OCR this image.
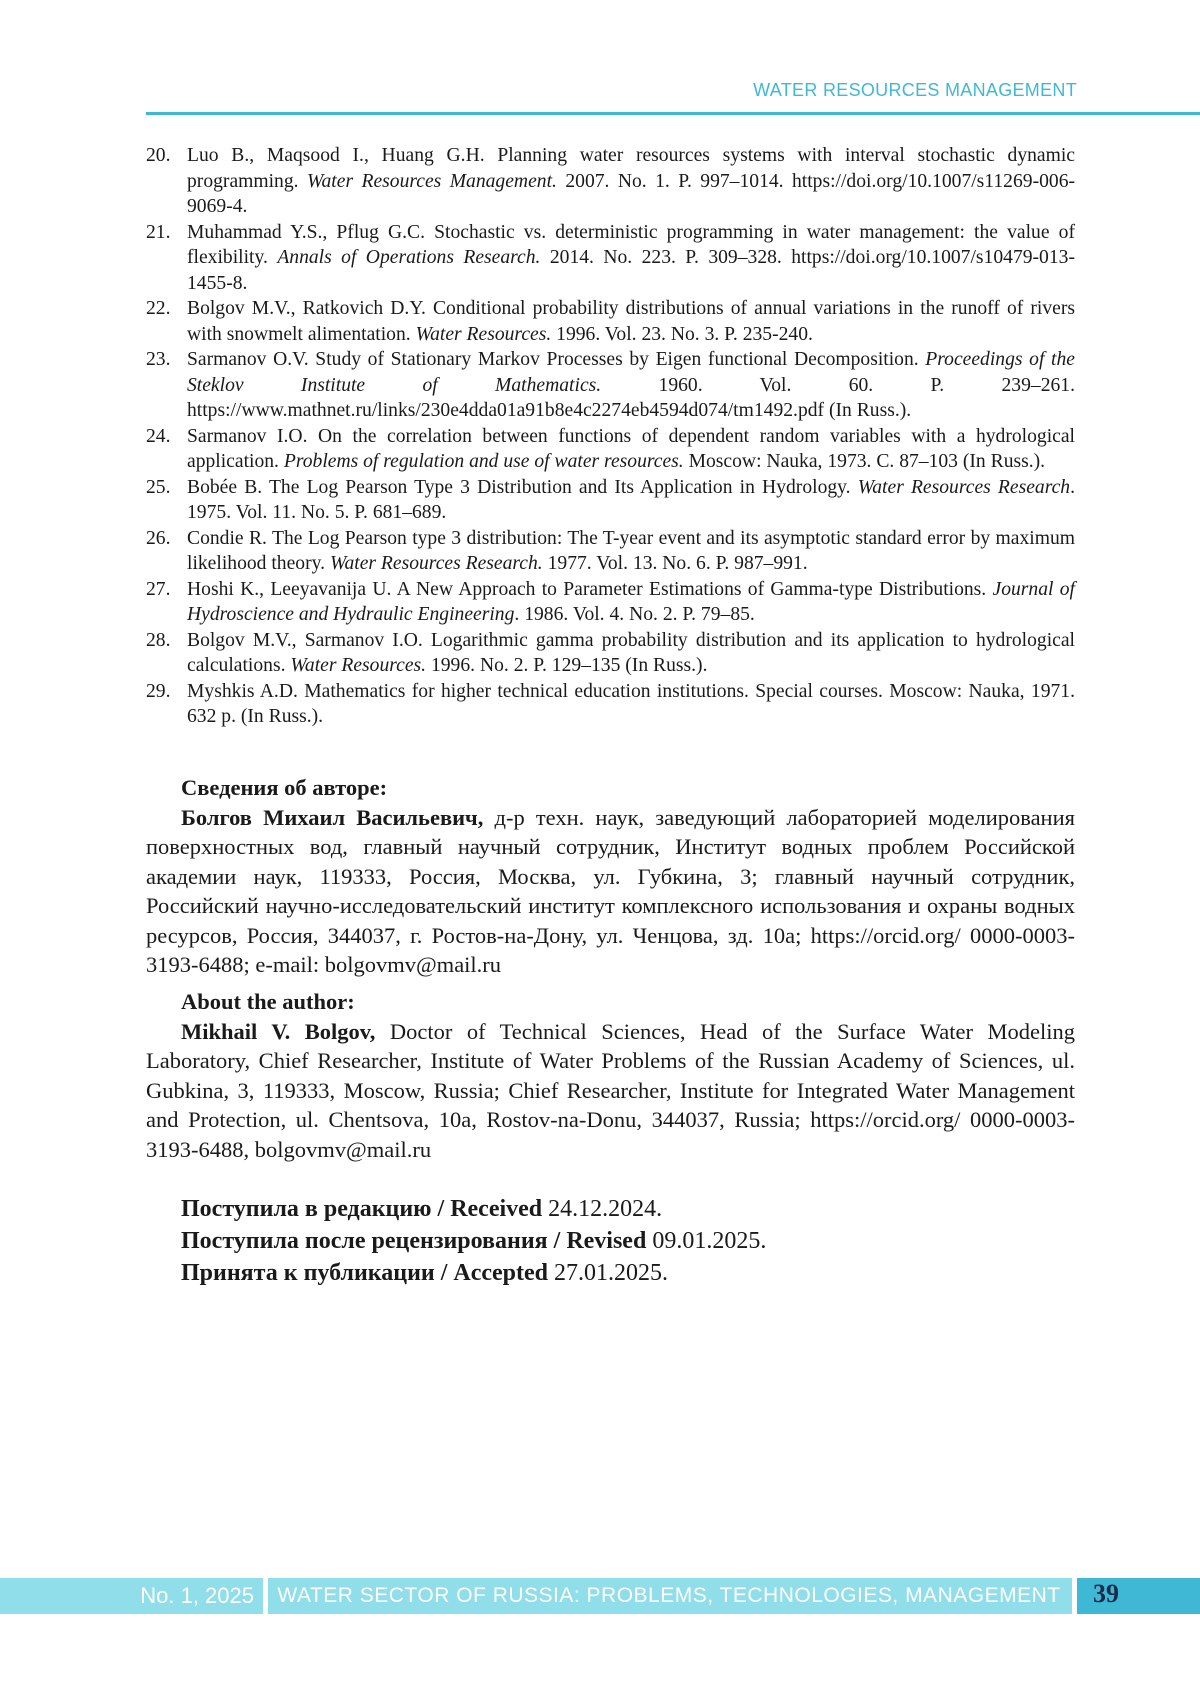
WATER RESOURCES MANAGEMENT
20. Luo B., Maqsood I., Huang G.H. Planning water resources systems with interval stochastic dynamic programming. Water Resources Management. 2007. No. 1. P. 997–1014. https://doi.org/10.1007/s11269-006-9069-4.
21. Muhammad Y.S., Pflug G.C. Stochastic vs. deterministic programming in water management: the value of flexibility. Annals of Operations Research. 2014. No. 223. P. 309–328. https://doi.org/10.1007/s10479-013-1455-8.
22. Bolgov M.V., Ratkovich D.Y. Conditional probability distributions of annual variations in the runoff of rivers with snowmelt alimentation. Water Resources. 1996. Vol. 23. No. 3. P. 235-240.
23. Sarmanov O.V. Study of Stationary Markov Processes by Eigen functional Decomposition. Proceedings of the Steklov Institute of Mathematics. 1960. Vol. 60. P. 239–261. https://www.mathnet.ru/links/230e4dda01a91b8e4c2274eb4594d074/tm1492.pdf (In Russ.).
24. Sarmanov I.O. On the correlation between functions of dependent random variables with a hydrological application. Problems of regulation and use of water resources. Moscow: Nauka, 1973. С. 87–103 (In Russ.).
25. Bobée B. The Log Pearson Type 3 Distribution and Its Application in Hydrology. Water Resources Research. 1975. Vol. 11. No. 5. P. 681–689.
26. Condie R. The Log Pearson type 3 distribution: The T-year event and its asymptotic standard error by maximum likelihood theory. Water Resources Research. 1977. Vol. 13. No. 6. P. 987–991.
27. Hoshi K., Leeyavanija U. A New Approach to Parameter Estimations of Gamma-type Distributions. Journal of Hydroscience and Hydraulic Engineering. 1986. Vol. 4. No. 2. P. 79–85.
28. Bolgov M.V., Sarmanov I.O. Logarithmic gamma probability distribution and its application to hydrological calculations. Water Resources. 1996. No. 2. P. 129–135 (In Russ.).
29. Myshkis A.D. Mathematics for higher technical education institutions. Special courses. Moscow: Nauka, 1971. 632 p. (In Russ.).
Сведения об авторе:

Болгов Михаил Васильевич, д-р техн. наук, заведующий лабораторией моделирования поверхностных вод, главный научный сотрудник, Институт водных проблем Российской академии наук, 119333, Россия, Москва, ул. Губкина, 3; главный научный сотрудник, Российский научно-исследовательский институт комплексного использования и охраны водных ресурсов, Россия, 344037, г. Ростов-на-Дону, ул. Ченцова, зд. 10а; https://orcid.org/ 0000-0003-3193-6488; e-mail: bolgovmv@mail.ru

About the author:

Mikhail V. Bolgov, Doctor of Technical Sciences, Head of the Surface Water Modeling Laboratory, Chief Researcher, Institute of Water Problems of the Russian Academy of Sciences, ul. Gubkina, 3, 119333, Moscow, Russia; Chief Researcher, Institute for Integrated Water Management and Protection, ul. Chentsova, 10a, Rostov-na-Donu, 344037, Russia; https://orcid.org/ 0000-0003-3193-6488, bolgovmv@mail.ru

Поступила в редакцию / Received 24.12.2024.
Поступила после рецензирования / Revised 09.01.2025.
Принята к публикации / Accepted 27.01.2025.
No. 1, 2025	WATER SECTOR OF RUSSIA: PROBLEMS, TECHNOLOGIES, MANAGEMENT	39
